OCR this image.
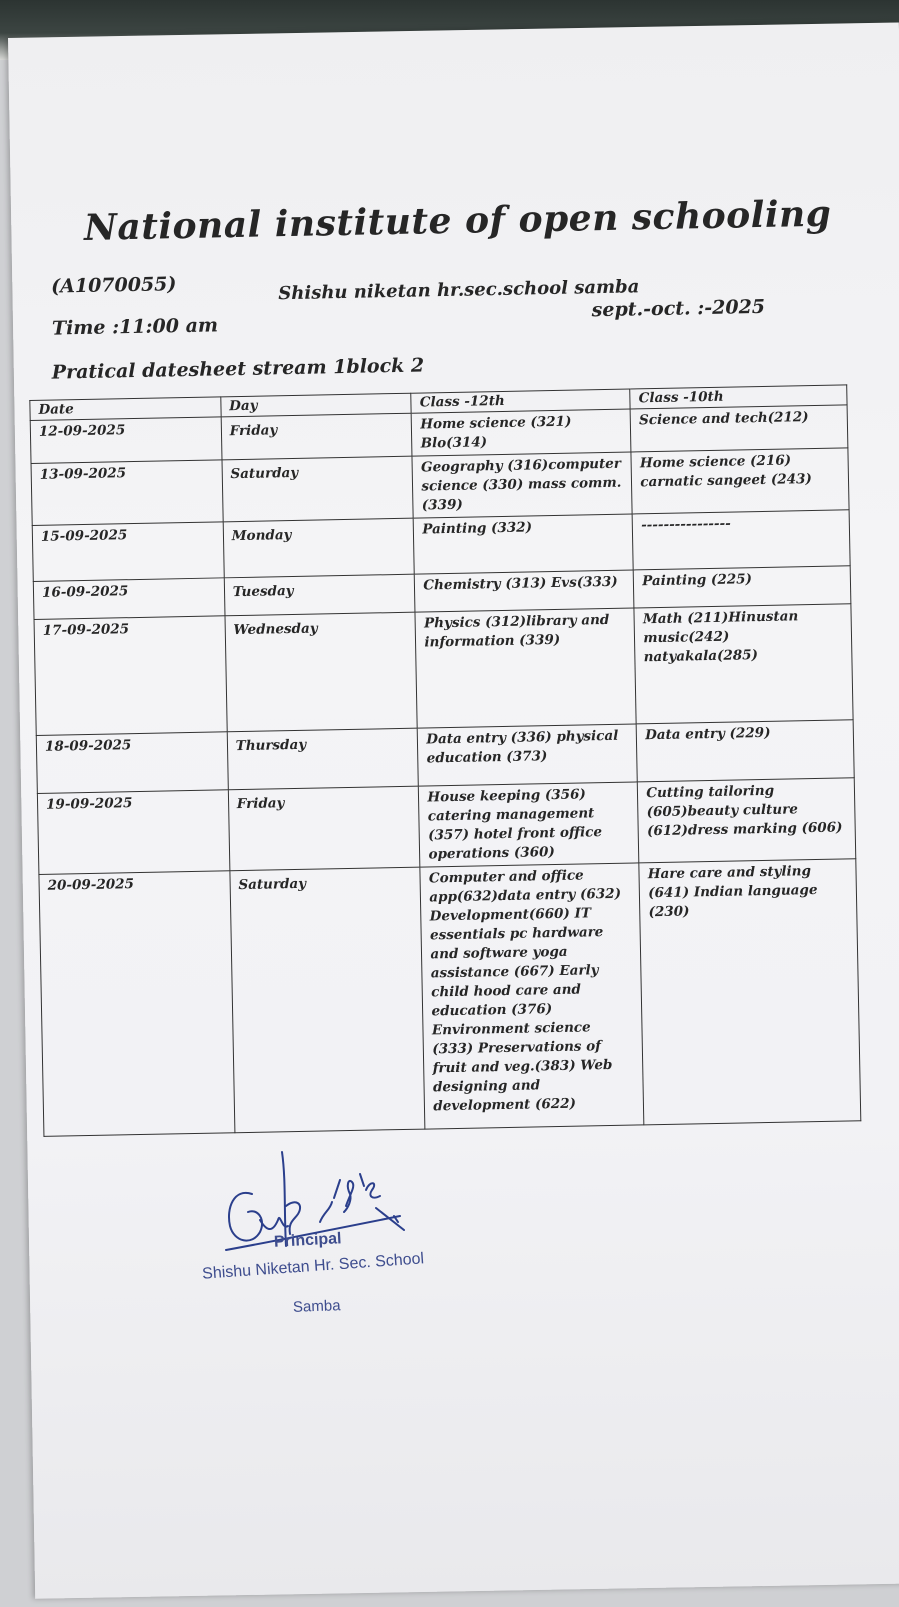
National institute of open schooling
(A1070055)	Shishu niketan hr.sec.school samba
Time :11:00 am
sept.-oct. :-2025
Pratical datesheet stream 1block 2
Date	Day	Class -12th	Class -10th
12-09-2025	Friday	Home science (321) Blo(314)	Science and tech(212)
13-09-2025	Saturday	Geography (316)computer science (330) mass comm.(339)	Home science (216) carnatic sangeet (243)
15-09-2025	Monday	Painting (332)	----------------
16-09-2025	Tuesday	Chemistry (313) Evs(333)	Painting (225)
17-09-2025	Wednesday	Physics (312)library and information (339)	Math (211)Hinustan music(242) natyakala(285)
18-09-2025	Thursday	Data entry (336) physical education (373)	Data entry (229)
19-09-2025	Friday	House keeping (356) catering management (357) hotel front office operations (360)	Cutting tailoring (605)beauty culture (612)dress marking (606)
20-09-2025	Saturday	Computer and office app(632)data entry (632) Development(660) IT essentials pc hardware and software yoga assistance (667) Early child hood care and education (376) Environment science (333) Preservations of fruit and veg.(383) Web designing and development (622)	Hare care and styling (641) Indian language (230)
Principal
Shishu Niketan Hr. Sec. School
Samba
